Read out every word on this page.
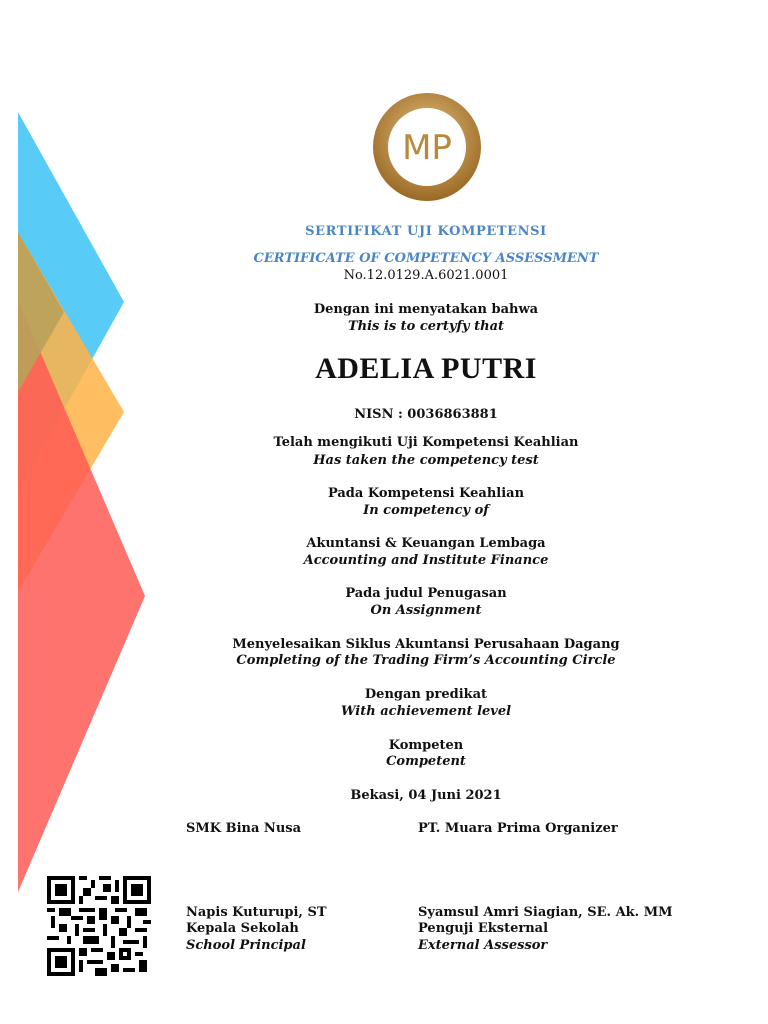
MP
SERTIFIKAT UJI KOMPETENSI
CERTIFICATE OF COMPETENCY ASSESSMENT
No.12.0129.A.6021.0001
Dengan ini menyatakan bahwa
This is to certyfy that
ADELIA PUTRI
NISN : 0036863881
Telah mengikuti Uji Kompetensi Keahlian
Has taken the competency test
Pada Kompetensi Keahlian
In competency of
Akuntansi & Keuangan Lembaga
Accounting and Institute Finance
Pada judul Penugasan
On Assignment
Menyelesaikan Siklus Akuntansi Perusahaan Dagang
Completing of the Trading Firm’s Accounting Circle
Dengan predikat
With achievement level
Kompeten
Competent
Bekasi, 04 Juni 2021
SMK Bina Nusa	PT. Muara Prima Organizer
Napis Kuturupi, ST
Kepala Sekolah
School Principal
Syamsul Amri Siagian, SE. Ak. MM
Penguji Eksternal
External Assessor
